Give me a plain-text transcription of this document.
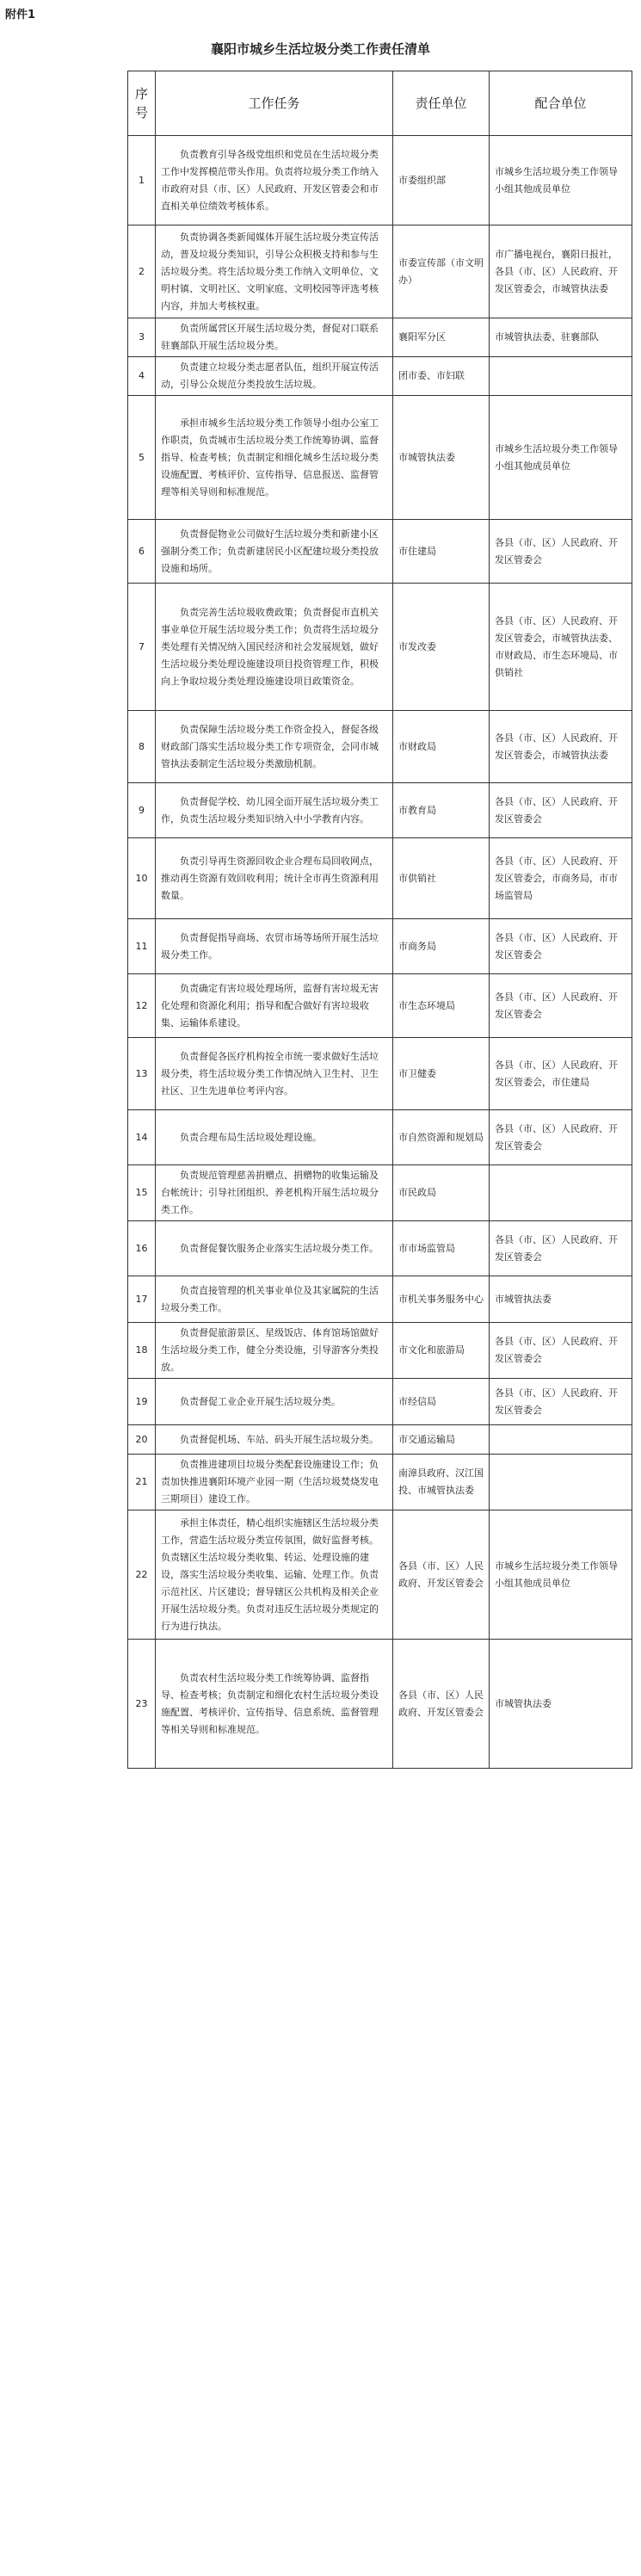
附件1
襄阳市城乡生活垃圾分类工作责任清单
序号	工作任务	责任单位	配合单位
1	负责教育引导各级党组织和党员在生活垃圾分类工作中发挥模范带头作用。负责将垃圾分类工作纳入市政府对县（市、区）人民政府、开发区管委会和市直相关单位绩效考核体系。	市委组织部	市城乡生活垃圾分类工作领导小组其他成员单位
2	负责协调各类新闻媒体开展生活垃圾分类宣传活动，普及垃圾分类知识，引导公众积极支持和参与生活垃圾分类。将生活垃圾分类工作纳入文明单位、文明村镇、文明社区、文明家庭、文明校园等评选考核内容，并加大考核权重。	市委宣传部（市文明办）	市广播电视台，襄阳日报社，各县（市、区）人民政府、开发区管委会，市城管执法委
3	负责所属营区开展生活垃圾分类，督促对口联系驻襄部队开展生活垃圾分类。	襄阳军分区	市城管执法委、驻襄部队
4	负责建立垃圾分类志愿者队伍，组织开展宣传活动，引导公众规范分类投放生活垃圾。	团市委、市妇联	
5	承担市城乡生活垃圾分类工作领导小组办公室工作职责，负责城市生活垃圾分类工作统筹协调、监督指导、检查考核；负责制定和细化城乡生活垃圾分类设施配置、考核评价、宣传指导、信息报送、监督管理等相关导则和标准规范。	市城管执法委	市城乡生活垃圾分类工作领导小组其他成员单位
6	负责督促物业公司做好生活垃圾分类和新建小区强制分类工作；负责新建居民小区配建垃圾分类投放设施和场所。	市住建局	各县（市、区）人民政府、开发区管委会
7	负责完善生活垃圾收费政策；负责督促市直机关事业单位开展生活垃圾分类工作；负责将生活垃圾分类处理有关情况纳入国民经济和社会发展规划，做好生活垃圾分类处理设施建设项目投资管理工作，积极向上争取垃圾分类处理设施建设项目政策资金。	市发改委	各县（市、区）人民政府、开发区管委会，市城管执法委、市财政局、市生态环境局、市供销社
8	负责保障生活垃圾分类工作资金投入，督促各级财政部门落实生活垃圾分类工作专项资金，会同市城管执法委制定生活垃圾分类激励机制。	市财政局	各县（市、区）人民政府、开发区管委会，市城管执法委
9	负责督促学校、幼儿园全面开展生活垃圾分类工作，负责生活垃圾分类知识纳入中小学教育内容。	市教育局	各县（市、区）人民政府、开发区管委会
10	负责引导再生资源回收企业合理布局回收网点，推动再生资源有效回收利用；统计全市再生资源利用数量。	市供销社	各县（市、区）人民政府、开发区管委会，市商务局，市市场监管局
11	负责督促指导商场、农贸市场等场所开展生活垃圾分类工作。	市商务局	各县（市、区）人民政府、开发区管委会
12	负责确定有害垃圾处理场所，监督有害垃圾无害化处理和资源化利用；指导和配合做好有害垃圾收集、运输体系建设。	市生态环境局	各县（市、区）人民政府、开发区管委会
13	负责督促各医疗机构按全市统一要求做好生活垃圾分类，将生活垃圾分类工作情况纳入卫生村、卫生社区、卫生先进单位考评内容。	市卫健委	各县（市、区）人民政府、开发区管委会，市住建局
14	负责合理布局生活垃圾处理设施。	市自然资源和规划局	各县（市、区）人民政府、开发区管委会
15	负责规范管理慈善捐赠点、捐赠物的收集运输及台帐统计；引导社团组织、养老机构开展生活垃圾分类工作。	市民政局	
16	负责督促餐饮服务企业落实生活垃圾分类工作。	市市场监管局	各县（市、区）人民政府、开发区管委会
17	负责直接管理的机关事业单位及其家属院的生活垃圾分类工作。	市机关事务服务中心	市城管执法委
18	负责督促旅游景区、星级饭店、体育馆场馆做好生活垃圾分类工作，健全分类设施，引导游客分类投放。	市文化和旅游局	各县（市、区）人民政府、开发区管委会
19	负责督促工业企业开展生活垃圾分类。	市经信局	各县（市、区）人民政府、开发区管委会
20	负责督促机场、车站、码头开展生活垃圾分类。	市交通运输局	
21	负责推进建项目垃圾分类配套设施建设工作；负责加快推进襄阳环境产业园一期（生活垃圾焚烧发电三期项目）建设工作。	南漳县政府、汉江国投、市城管执法委	
22	承担主体责任，精心组织实施辖区生活垃圾分类工作，营造生活垃圾分类宣传氛围，做好监督考核。负责辖区生活垃圾分类收集、转运、处理设施的建设，落实生活垃圾分类收集、运输、处理工作。负责示范社区、片区建设；督导辖区公共机构及相关企业开展生活垃圾分类。负责对违反生活垃圾分类规定的行为进行执法。	各县（市、区）人民政府、开发区管委会	市城乡生活垃圾分类工作领导小组其他成员单位
23	负责农村生活垃圾分类工作统筹协调、监督指导、检查考核；负责制定和细化农村生活垃圾分类设施配置、考核评价、宣传指导、信息系统、监督管理等相关导则和标准规范。	各县（市、区）人民政府、开发区管委会	市城管执法委
